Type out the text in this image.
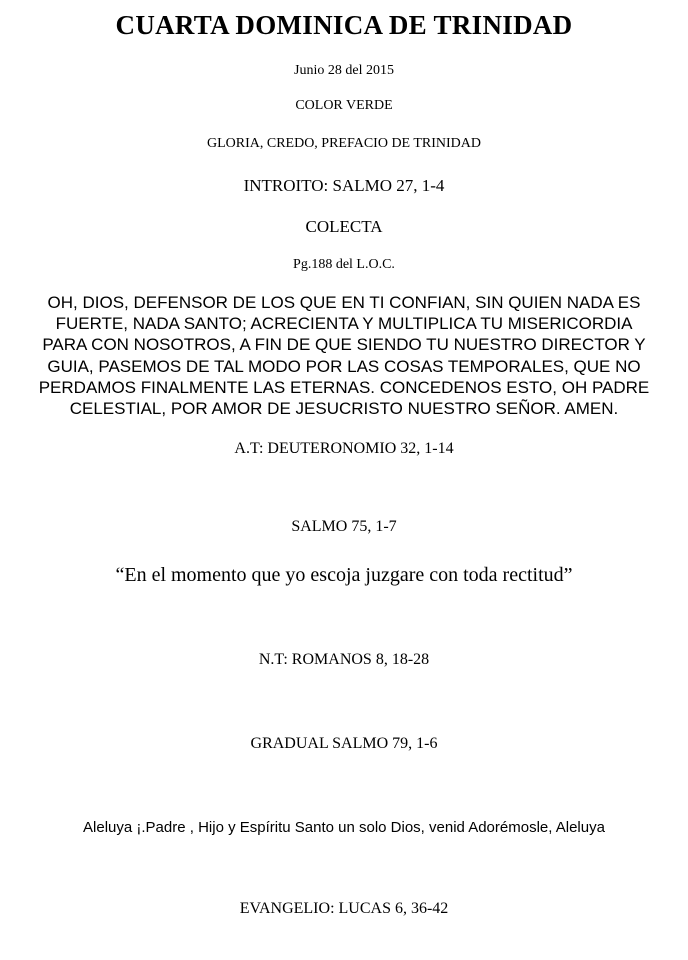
CUARTA DOMINICA DE TRINIDAD
Junio 28 del 2015
COLOR VERDE
GLORIA, CREDO, PREFACIO DE TRINIDAD
INTROITO: SALMO 27, 1-4
COLECTA
Pg.188 del L.O.C.
OH, DIOS, DEFENSOR DE LOS QUE EN TI CONFIAN, SIN QUIEN NADA ES
FUERTE, NADA SANTO; ACRECIENTA Y MULTIPLICA TU MISERICORDIA
PARA CON NOSOTROS, A FIN DE QUE SIENDO TU NUESTRO DIRECTOR Y
GUIA, PASEMOS DE TAL MODO POR LAS COSAS TEMPORALES, QUE NO
PERDAMOS FINALMENTE LAS ETERNAS. CONCEDENOS ESTO, OH PADRE
CELESTIAL, POR AMOR DE JESUCRISTO NUESTRO SEÑOR. AMEN.
A.T: DEUTERONOMIO 32, 1-14
SALMO 75, 1-7
“En el momento que yo escoja juzgare con toda rectitud”
N.T: ROMANOS 8, 18-28
GRADUAL SALMO 79, 1-6
Aleluya ¡.Padre , Hijo y Espíritu Santo un solo Dios, venid Adorémosle, Aleluya
EVANGELIO: LUCAS 6, 36-42
